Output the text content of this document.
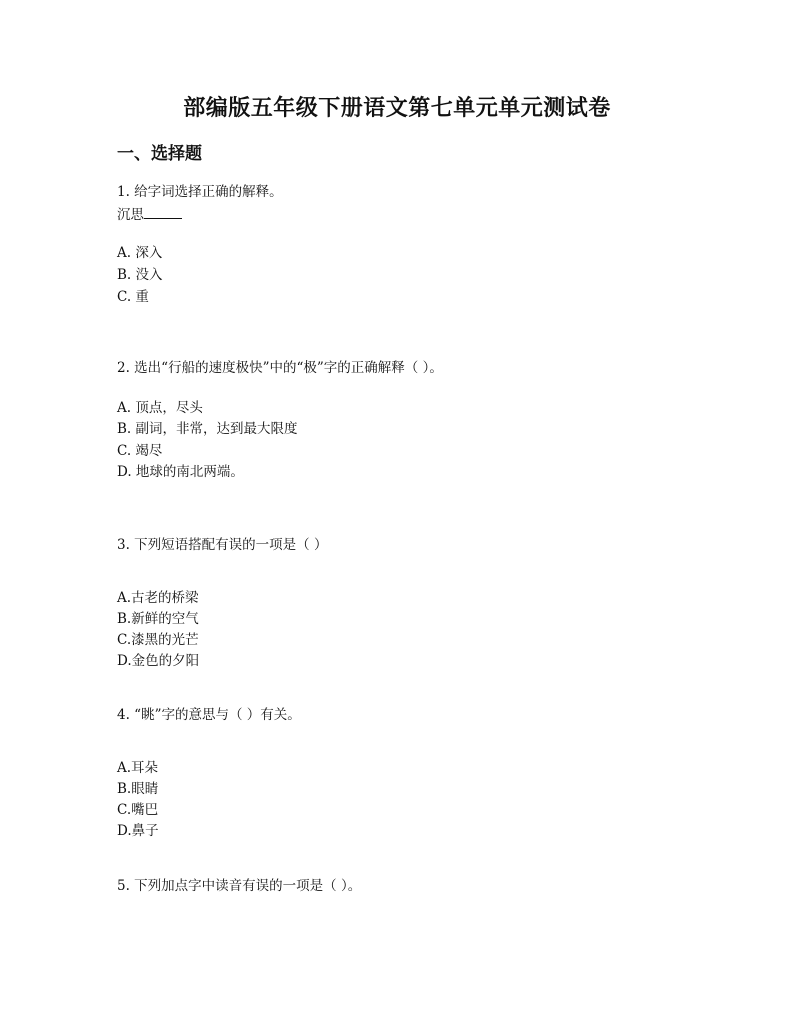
部编版五年级下册语文第七单元单元测试卷
一、选择题
1. 给字词选择正确的解释。
沉思
A. 深入
B. 没入
C. 重
2. 选出“行船的速度极快”中的“极”字的正确解释（ ）。
A. 顶点，尽头
B. 副词，非常，达到最大限度
C. 竭尽
D. 地球的南北两端。
3. 下列短语搭配有误的一项是（ ）
A.古老的桥梁
B.新鲜的空气
C.漆黑的光芒
D.金色的夕阳
4. “眺”字的意思与（ ）有关。
A.耳朵
B.眼睛
C.嘴巴
D.鼻子
5. 下列加点字中读音有误的一项是（ ）。
